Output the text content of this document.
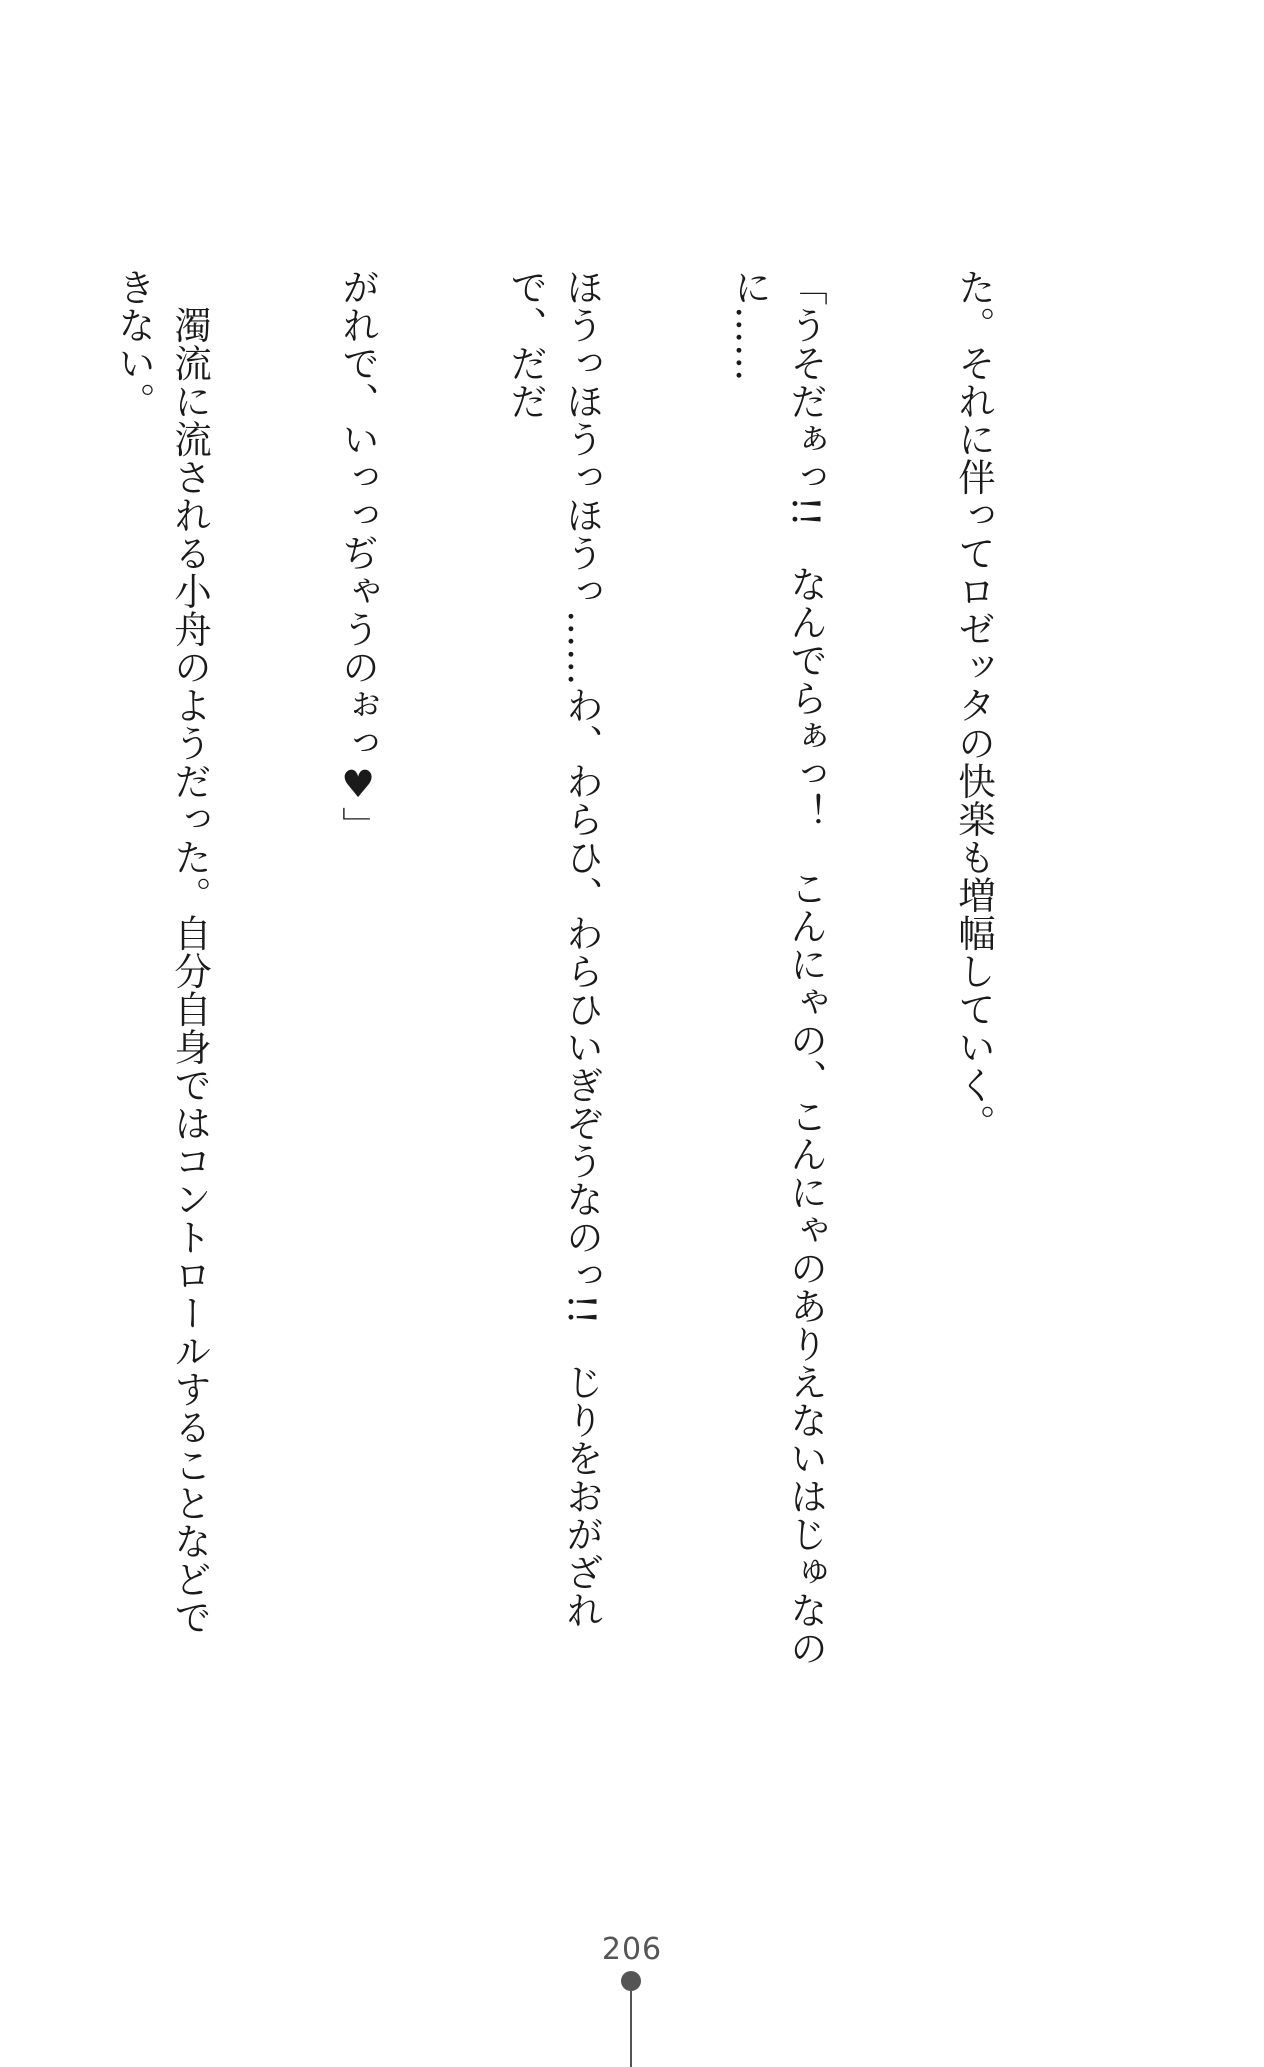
た。それに伴ってロゼッタの快楽も増幅していく。

「うそだぁっ!!　なんでらぁっ！　こんにゃの、こんにゃのありえないはじゅなのに……

ほうっほうっほうっ……わ、わらひ、わらひいぎぞうなのっ!!　じりをおがざれで、だだ

がれで、いっっぢゃうのぉっ♥」

　濁流に流される小舟のようだった。自分自身ではコントロールすることなどできない。

206
